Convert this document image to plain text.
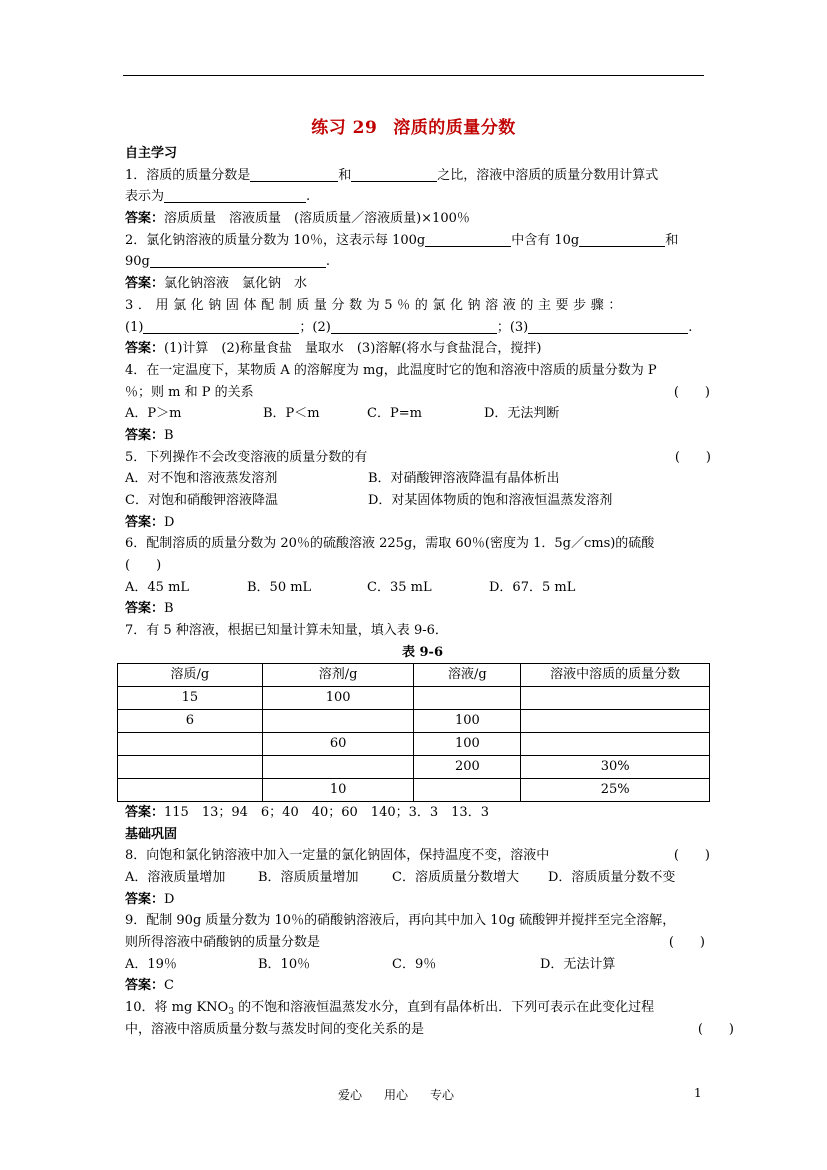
练习 29 溶质的质量分数
自主学习
1．溶质的质量分数是	和	之比，溶液中溶质的质量分数用计算式
表示为	.
答案：溶质质量　溶液质量　(溶质质量／溶液质量)×100％
2．氯化钠溶液的质量分数为 10％，这表示每 100g	中含有 10g	和
90g	.
答案：氯化钠溶液　氯化钠　水
3．用氯化钠固体配制质量分数为5％的氯化钠溶液的主要步骤：
(1)	；(2)	；(3)	.
答案：(1)计算　(2)称量食盐　量取水　(3)溶解(将水与食盐混合，搅拌)
4．在一定温度下，某物质 A 的溶解度为 mg，此温度时它的饱和溶液中溶质的质量分数为 P
％；则 m 和 P 的关系	(　　)
A．P＞m	B．P＜m	C．P=m	D．无法判断
答案：B
5．下列操作不会改变溶液的质量分数的有	(　　)
A．对不饱和溶液蒸发溶剂	B．对硝酸钾溶液降温有晶体析出
C．对饱和硝酸钾溶液降温	D．对某固体物质的饱和溶液恒温蒸发溶剂
答案：D
6．配制溶质的质量分数为 20％的硫酸溶液 225g，需取 60％(密度为 1．5g／cms)的硫酸
(　　)
A．45 mL	B．50 mL	C．35 mL	D．67．5 mL
答案：B
7．有 5 种溶液，根据已知量计算未知量，填入表 9-6．
表 9-6
溶质/g	溶剂/g	溶液/g	溶液中溶质的质量分数
15	100		
6		100	
	60	100	
		200	30%
	10		25%
答案：115　13；94　6；40　40；60　140；3．3　13．3
基础巩固
8．向饱和氯化钠溶液中加入一定量的氯化钠固体，保持温度不变，溶液中	(　　)
A．溶液质量增加	B．溶质质量增加	C．溶质质量分数增大 D．溶质质量分数不变
答案：D
9．配制 90g 质量分数为 10％的硝酸钠溶液后，再向其中加入 10g 硫酸钾并搅拌至完全溶解，
则所得溶液中硝酸钠的质量分数是	(　　)
A．19％	B．10％	C．9％	D．无法计算
答案：C
10．将 mg $KNO_3$ 的不饱和溶液恒温蒸发水分，直到有晶体析出．下列可表示在此变化过程
中，溶液中溶质质量分数与蒸发时间的变化关系的是	(　　)
爱心 用心 专心	1
